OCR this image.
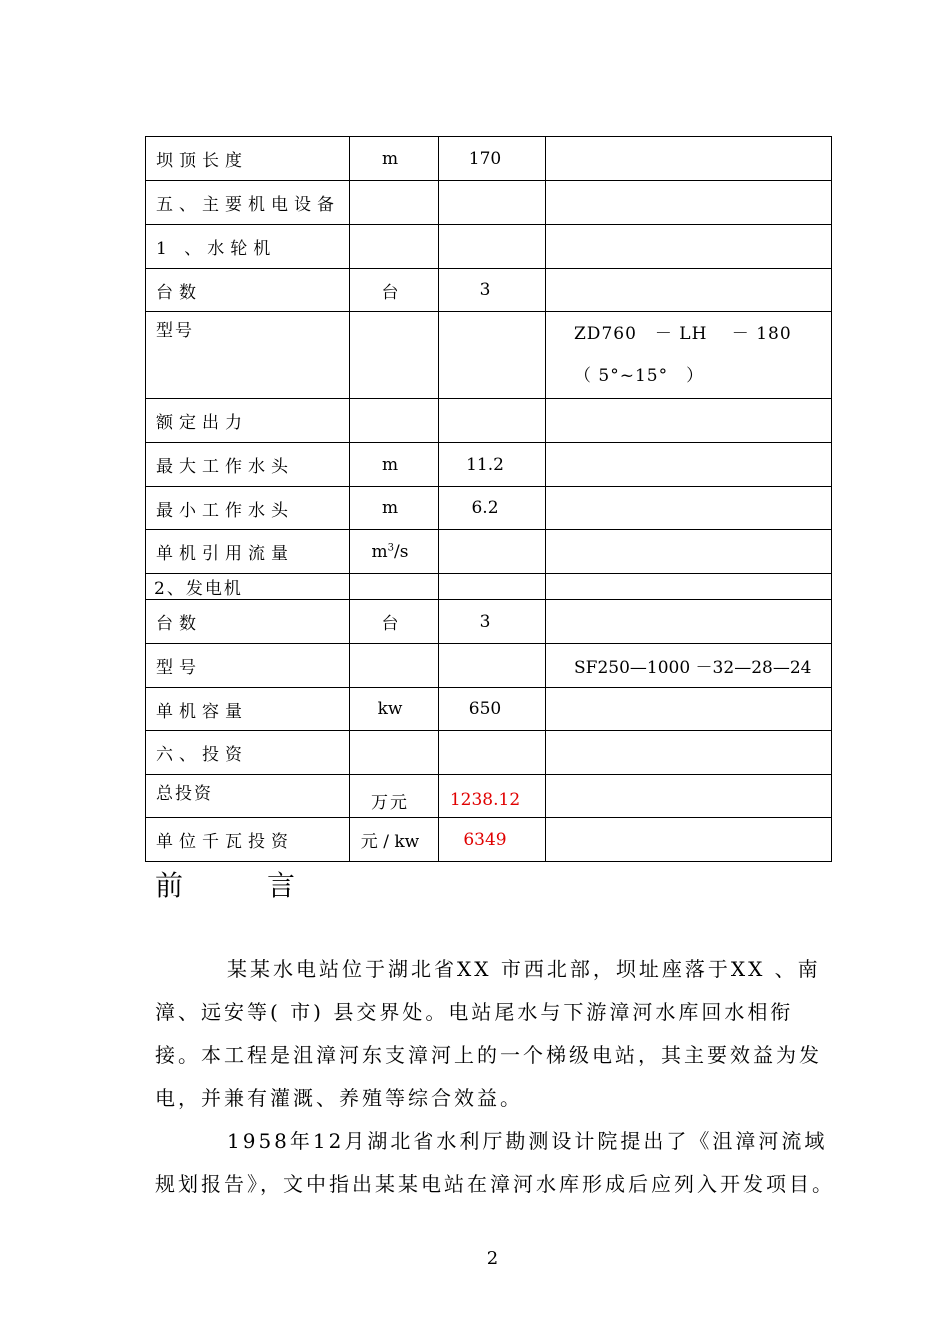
坝顶长度	m	170	
五、主要机电设备			
1 、水轮机			
台数	台	3	
型号			ZD760　－ LH　 － 180
（ 5°~15°　）

额定出力			
最大工作水头	m	11.2	
最小工作水头	m	6.2	
单机引用流量	$m^3/s$		
2、发电机			
台数	台	3	
型号			SF250—1000 －32—28—24
单机容量	kw	650	
六、投资			
总投资	万元	1238.12	
单位千瓦投资	元 / kw	6349	
前言

某某水电站位于湖北省XX 市西北部，坝址座落于XX 、南漳、远安等( 市) 县交界处。电站尾水与下游漳河水库回水相衔接。本工程是沮漳河东支漳河上的一个梯级电站，其主要效益为发电，并兼有灌溉、养殖等综合效益。

1958年12月湖北省水利厅勘测设计院提出了《沮漳河流域规划报告》，文中指出某某电站在漳河水库形成后应列入开发项目。

2
